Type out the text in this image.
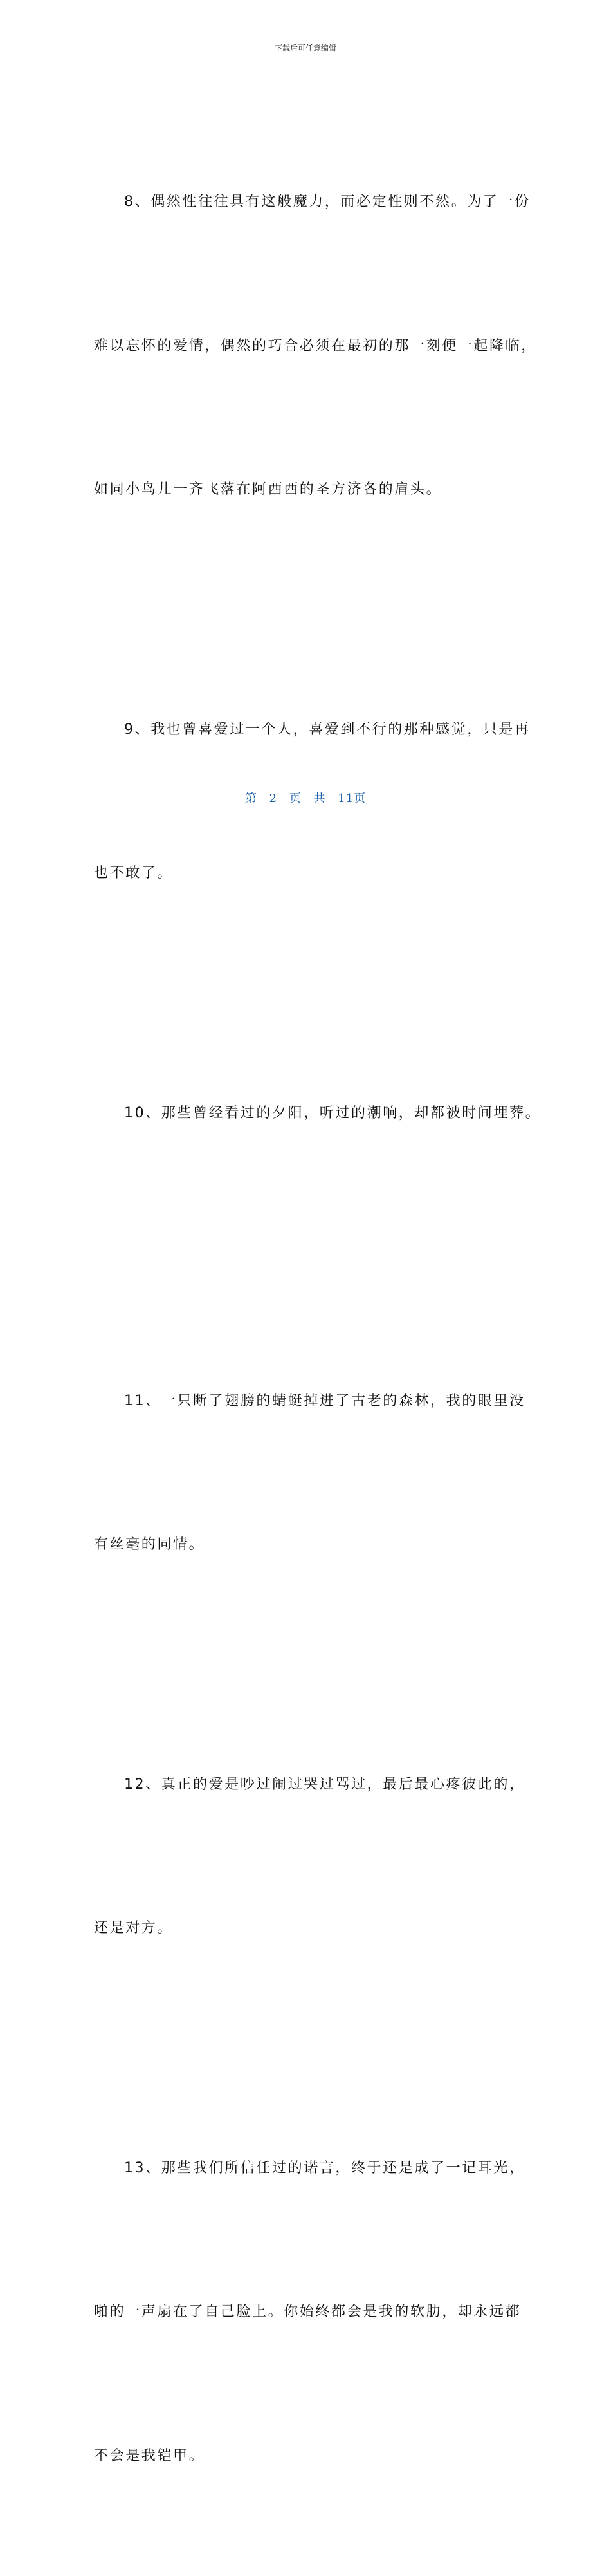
下载后可任意编辑

8、偶然性往往具有这般魔力，而必定性则不然。为了一份

难以忘怀的爱情，偶然的巧合必须在最初的那一刻便一起降临，

如同小鸟儿一齐飞落在阿西西的圣方济各的肩头。

9、我也曾喜爱过一个人，喜爱到不行的那种感觉，只是再

也不敢了。

10、那些曾经看过的夕阳，听过的潮响，却都被时间埋葬。

11、一只断了翅膀的蜻蜓掉进了古老的森林，我的眼里没

有丝毫的同情。

12、真正的爱是吵过闹过哭过骂过，最后最心疼彼此的，

还是对方。

13、那些我们所信任过的诺言，终于还是成了一记耳光，

啪的一声扇在了自己脸上。你始终都会是我的软肋，却永远都

不会是我铠甲。

第 2 页 共 11页
